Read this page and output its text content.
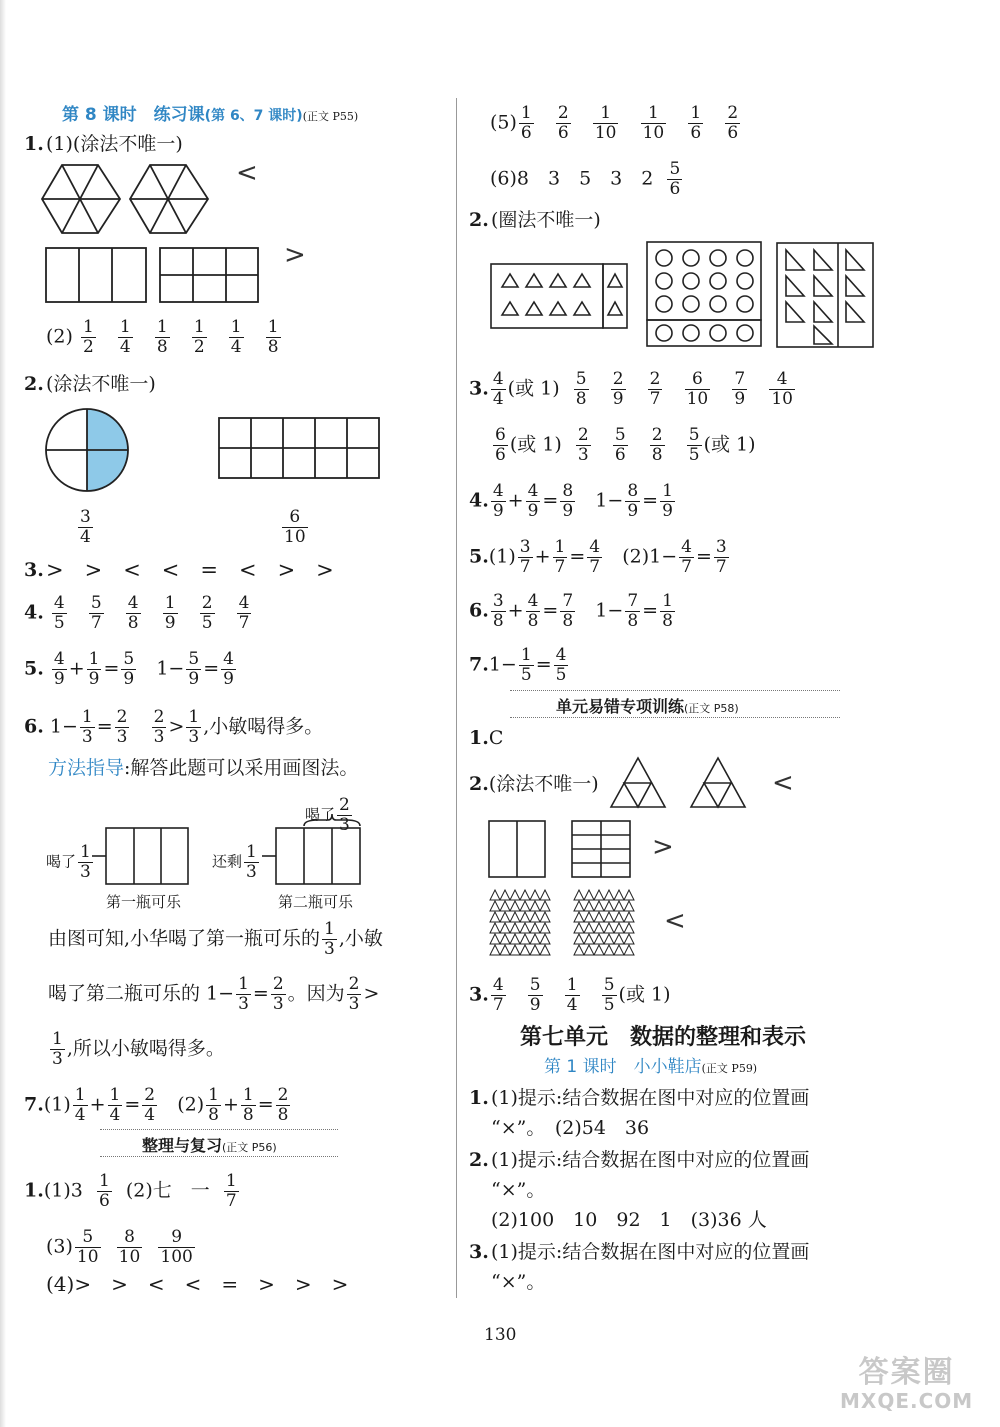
第 8 课时　练习课(第 6、7 课时)(正文 P55)
1. (1)(涂法不唯一)
<
>
$(2) \frac{1}{2}$
$\frac{1}{4}$
$\frac{1}{8}$
$\frac{1}{2}$
$\frac{1}{4}$
$\frac{1}{8}$
2. (涂法不唯一)
$\frac{3}{4}$	$\frac{6}{10}$
3. >　>　<　<　=　<　>　>
4. $\frac{4}{5}$
$\frac{5}{7}$
$\frac{4}{8}$
$\frac{1}{9}$
$\frac{2}{5}$
$\frac{4}{7}$
5. $\frac{4}{9} + \frac{1}{9} = \frac{5}{9} 1- \frac{5}{9} = \frac{4}{9}$
6. $1- \frac{1}{3} = \frac{2}{3}$
$\frac{2}{3} > \frac{1}{3}$ ,小敏喝得多。
方法指导:解答此题可以采用画图法。
喝了 $\frac{2}{3}$
喝了 $\frac{1}{3}$	还剩 $\frac{1}{3}$
第一瓶可乐	第二瓶可乐
由图可知,小华喝了第一瓶可乐的 $\frac{1}{3}$ ,小敏
喝了第二瓶可乐的 $1- \frac{1}{3} = \frac{2}{3}$ 。因为 $\frac{2}{3}$ >
$\frac{1}{3}$ ,所以小敏喝得多。
$7.(1) \frac{1}{4} + \frac{1}{4} = \frac{2}{4} (2) \frac{1}{8} + \frac{1}{8} = \frac{2}{8}$
整理与复习(正文 P56)
$1.(1)3 \frac{1}{6} (2)$七　一 $\frac{1}{7}$
$(3) \frac{5}{10}$
$\frac{8}{10}$
$\frac{9}{100}$
(4)>　>　<　<　=　>　>　>
$(5) \frac{1}{6}$
$\frac{2}{6}$
$\frac{1}{10}$
$\frac{1}{10}$
$\frac{1}{6}$
$\frac{2}{6}$
(6)8　3　5　3　$2 \frac{5}{6}$
2. (圈法不唯一)
3. $\frac{4}{4}$ (或 $1) \frac{5}{8}$
$\frac{2}{9}$
$\frac{2}{7}$
$\frac{6}{10}$
$\frac{7}{9}$
$\frac{4}{10}$
$\frac{6}{6}$ (或 $1) \frac{2}{3}$
$\frac{5}{6}$
$\frac{2}{8}$
$\frac{5}{5}$ (或 1)
4. $\frac{4}{9} + \frac{4}{9} = \frac{8}{9} 1- \frac{8}{9} = \frac{1}{9}$
$5.(1) \frac{3}{7} + \frac{1}{7} = \frac{4}{7} (2)1- \frac{4}{7} = \frac{3}{7}$
6. $\frac{3}{8} + \frac{4}{8} = \frac{7}{8} 1- \frac{7}{8} = \frac{1}{8}$
$7.1- \frac{1}{5} = \frac{4}{5}$
单元易错专项训练(正文 P58)
1.C
2.(涂法不唯一)	<
>
<
3. $\frac{4}{7}$
$\frac{5}{9}$
$\frac{1}{4}$
$\frac{5}{5}$ (或 1)
第七单元　数据的整理和表示
第 1 课时　小小鞋店(正文 P59)
1. (1)提示:结合数据在图中对应的位置画
“×”。　(2)54　36
2. (1)提示:结合数据在图中对应的位置画
“×”。
(2)100　10　92　1　(3)36 人
3. (1)提示:结合数据在图中对应的位置画
“×”。
130
答案圈
MXQE.COM
